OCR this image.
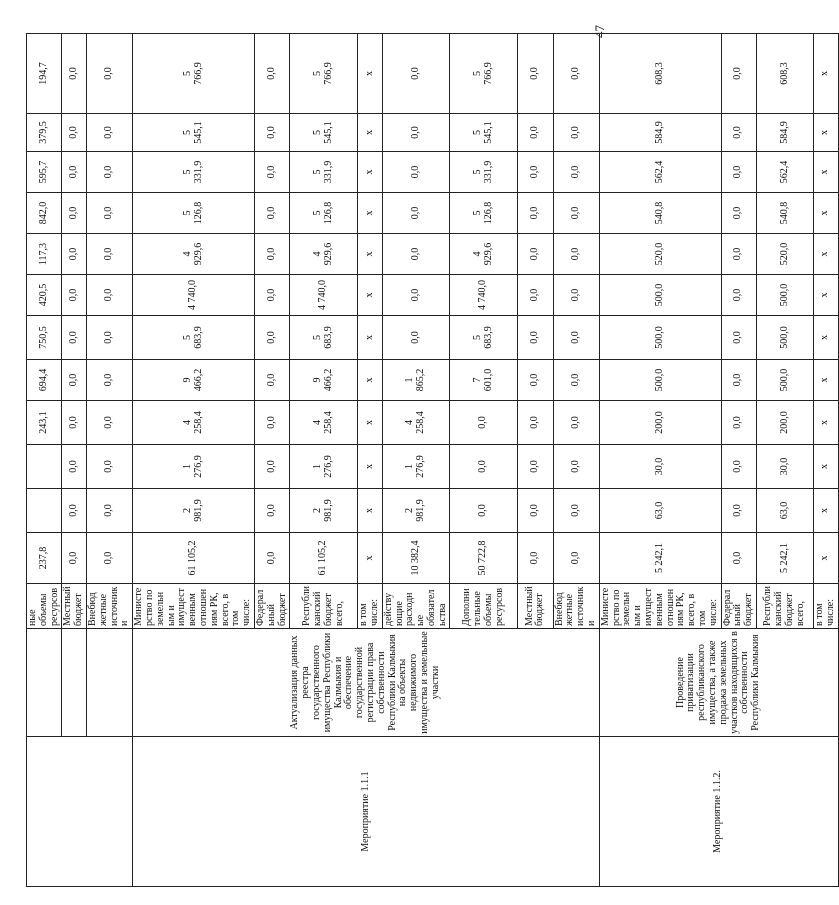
47
		ные объемы ресурсов	237,8			243,1	694,4	750,5	420,5	117,3	842,0	595,7	379,5	194,7	
		Местный бюджет	0,0	0,0	0,0	0,0	0,0	0,0	0,0	0,0	0,0	0,0	0,0	0,0	
		Внебюджетные источники	0,0	0,0	0,0	0,0	0,0	0,0	0,0	0,0	0,0	0,0	0,0	0,0	
Мероприятие 1.1.1	Актуализация данных реестра государственного имущества Республики Калмыкия и обеспечение государственной регистрации права собственности Республики Калмыкия на объекты недвижимого имущества и земельные участки	Министерство по земельным и имущественным отношениям РК, всего, в том числе:	61 105,2	2
981,9	1
276,9	4
258,4	9
466,2	5
683,9	4 740,0	4
929,6	5
126,8	5
331,9	5
545,1	5
766,9	
		Федеральный бюджет	0,0	0,0	0,0	0,0	0,0	0,0	0,0	0,0	0,0	0,0	0,0	0,0	
		Республиканский бюджет всего,	61 105,2	2
981,9	1
276,9	4
258,4	9
466,2	5
683,9	4 740,0	4
929,6	5
126,8	5
331,9	5
545,1	5
766,9	
		в том числе:	x	x	x	x	x	x	x	x	x	x	x	x	
		действующие расходные обязательства	10 382,4	2
981,9	1
276,9	4
258,4	1
865,2	0,0	0,0	0,0	0,0	0,0	0,0	0,0	
		Дополнительные объемы ресурсов	50 722,8	0,0	0,0	0,0	7
601,0	5
683,9	4 740,0	4
929,6	5
126,8	5
331,9	5
545,1	5
766,9	
		Местный бюджет	0,0	0,0	0,0	0,0	0,0	0,0	0,0	0,0	0,0	0,0	0,0	0,0	
		Внебюджетные источники	0,0	0,0	0,0	0,0	0,0	0,0	0,0	0,0	0,0	0,0	0,0	0,0	
Мероприятие 1.1.2.	Проведение приватизации республиканского имущества, а также продажа земельных участков находящихся в собственности Республики Калмыкия	Министерство по земельным и имущественным отношениям РК, всего, в том числе:	5 242,1	63,0	30,0	200,0	500,0	500,0	500,0	520,0	540,8	562,4	584,9	608,3	
		Федеральный бюджет	0,0	0,0	0,0	0,0	0,0	0,0	0,0	0,0	0,0	0,0	0,0	0,0	
		Республиканский бюджет всего,	5 242,1	63,0	30,0	200,0	500,0	500,0	500,0	520,0	540,8	562,4	584,9	608,3	
		в том числе:	x	x	x	x	x	x	x	x	x	x	x	x	
